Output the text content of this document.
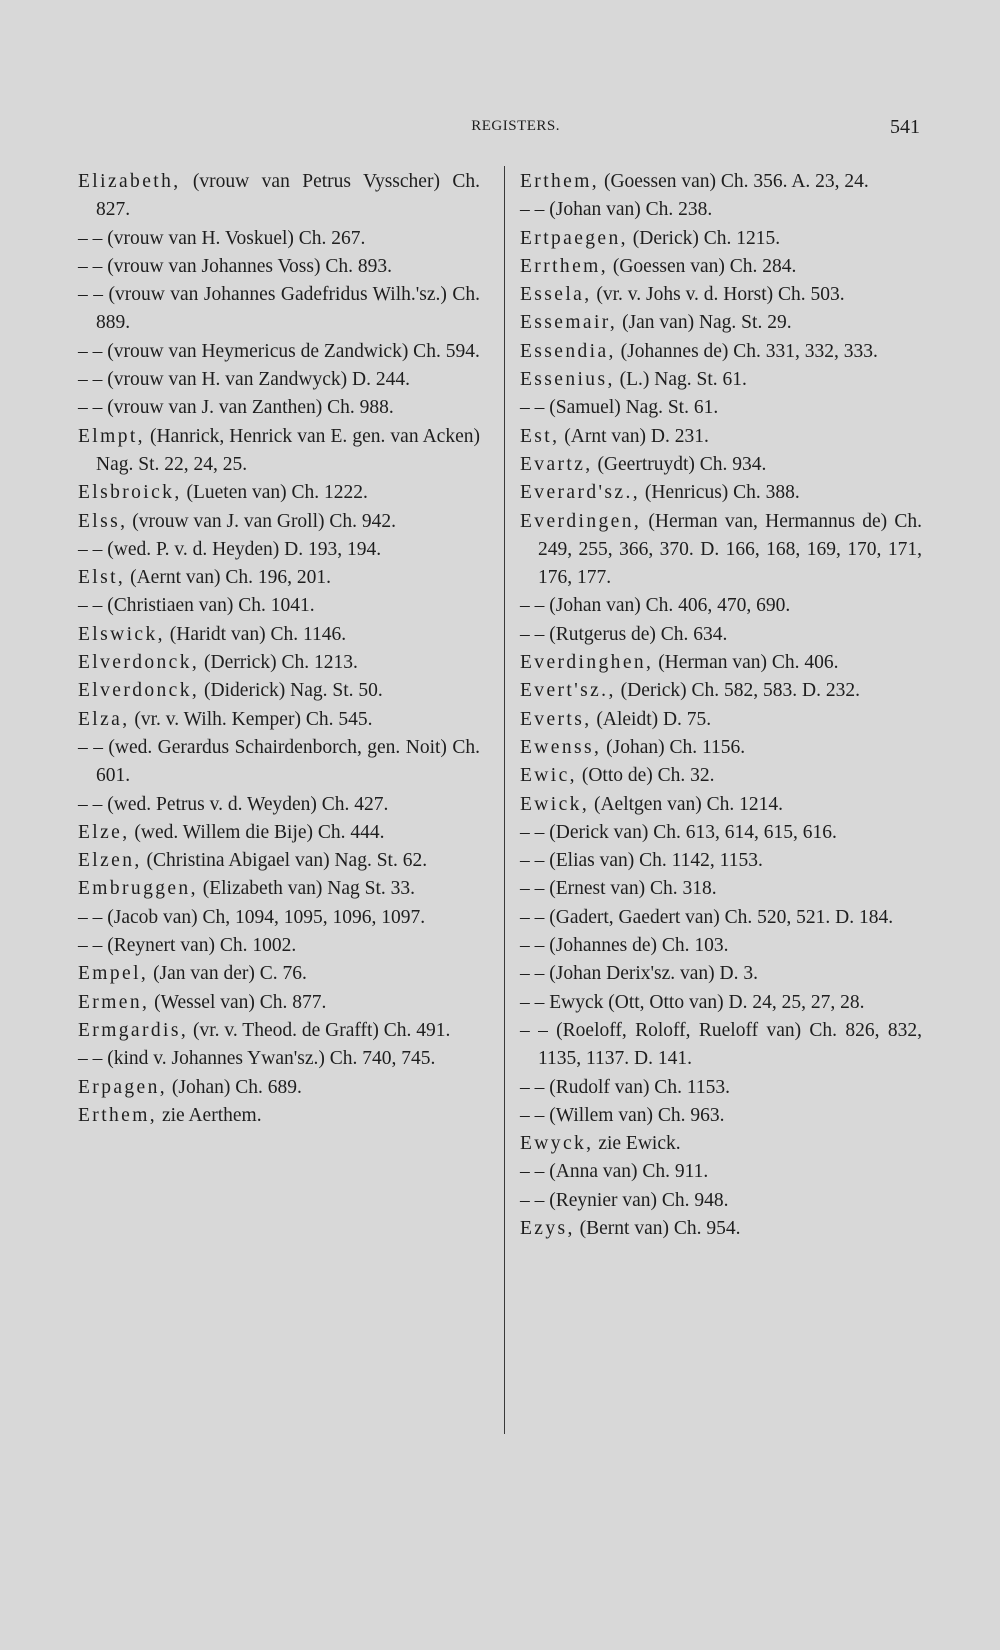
REGISTERS.	541
Elizabeth, (vrouw van Petrus Vysscher) Ch. 827.
– – (vrouw van H. Voskuel) Ch. 267.
– – (vrouw van Johannes Voss) Ch. 893.
– – (vrouw van Johannes Gadefridus Wilh.'sz.) Ch. 889.
– – (vrouw van Heymericus de Zandwick) Ch. 594.
– – (vrouw van H. van Zandwyck) D. 244.
– – (vrouw van J. van Zanthen) Ch. 988.
Elmpt, (Hanrick, Henrick van E. gen. van Acken) Nag. St. 22, 24, 25.
Elsbroick, (Lueten van) Ch. 1222.
Elss, (vrouw van J. van Groll) Ch. 942.
– – (wed. P. v. d. Heyden) D. 193, 194.
Elst, (Aernt van) Ch. 196, 201.
– – (Christiaen van) Ch. 1041.
Elswick, (Haridt van) Ch. 1146.
Elverdonck, (Derrick) Ch. 1213.
Elverdonck, (Diderick) Nag. St. 50.
Elza, (vr. v. Wilh. Kemper) Ch. 545.
– – (wed. Gerardus Schairdenborch, gen. Noit) Ch. 601.
– – (wed. Petrus v. d. Weyden) Ch. 427.
Elze, (wed. Willem die Bije) Ch. 444.
Elzen, (Christina Abigael van) Nag. St. 62.
Embruggen, (Elizabeth van) Nag St. 33.
– – (Jacob van) Ch, 1094, 1095, 1096, 1097.
– – (Reynert van) Ch. 1002.
Empel, (Jan van der) C. 76.
Ermen, (Wessel van) Ch. 877.
Ermgardis, (vr. v. Theod. de Grafft) Ch. 491.
– – (kind v. Johannes Ywan'sz.) Ch. 740, 745.
Erpagen, (Johan) Ch. 689.
Erthem, zie Aerthem.
Erthem, (Goessen van) Ch. 356. A. 23, 24.
– – (Johan van) Ch. 238.
Ertpaegen, (Derick) Ch. 1215.
Errthem, (Goessen van) Ch. 284.
Essela, (vr. v. Johs v. d. Horst) Ch. 503.
Essemair, (Jan van) Nag. St. 29.
Essendia, (Johannes de) Ch. 331, 332, 333.
Essenius, (L.) Nag. St. 61.
– – (Samuel) Nag. St. 61.
Est, (Arnt van) D. 231.
Evartz, (Geertruydt) Ch. 934.
Everard'sz., (Henricus) Ch. 388.
Everdingen, (Herman van, Hermannus de) Ch. 249, 255, 366, 370. D. 166, 168, 169, 170, 171, 176, 177.
– – (Johan van) Ch. 406, 470, 690.
– – (Rutgerus de) Ch. 634.
Everdinghen, (Herman van) Ch. 406.
Evert'sz., (Derick) Ch. 582, 583. D. 232.
Everts, (Aleidt) D. 75.
Ewenss, (Johan) Ch. 1156.
Ewic, (Otto de) Ch. 32.
Ewick, (Aeltgen van) Ch. 1214.
– – (Derick van) Ch. 613, 614, 615, 616.
– – (Elias van) Ch. 1142, 1153.
– – (Ernest van) Ch. 318.
– – (Gadert, Gaedert van) Ch. 520, 521. D. 184.
– – (Johannes de) Ch. 103.
– – (Johan Derix'sz. van) D. 3.
– – Ewyck (Ott, Otto van) D. 24, 25, 27, 28.
– – (Roeloff, Roloff, Rueloff van) Ch. 826, 832, 1135, 1137. D. 141.
– – (Rudolf van) Ch. 1153.
– – (Willem van) Ch. 963.
Ewyck, zie Ewick.
– – (Anna van) Ch. 911.
– – (Reynier van) Ch. 948.
Ezys, (Bernt van) Ch. 954.
